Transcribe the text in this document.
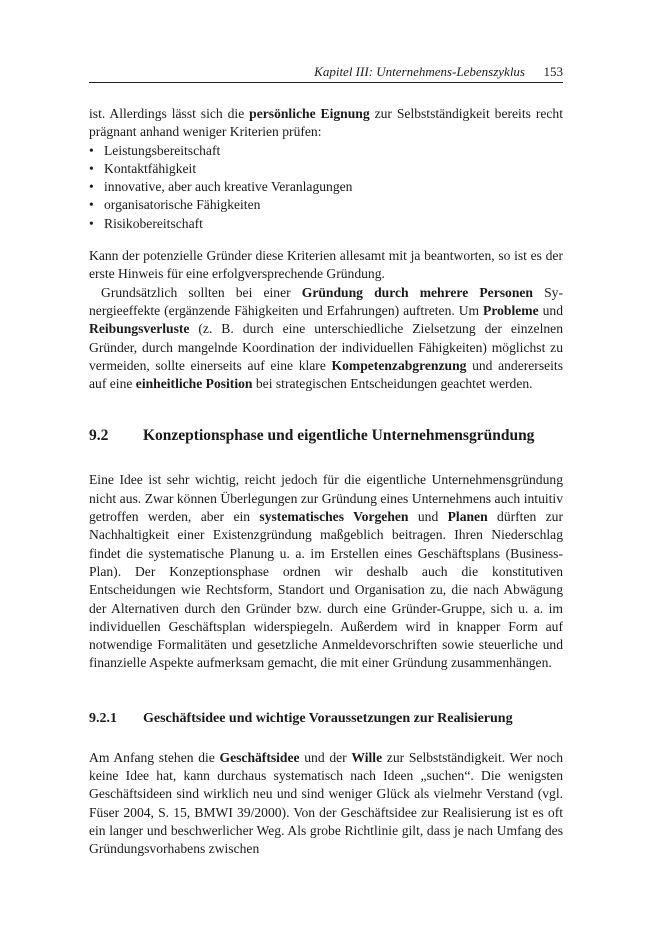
Kapitel III: Unternehmens-Lebenszyklus 153

ist. Allerdings lässt sich die persönliche Eignung zur Selbstständigkeit bereits recht prägnant anhand weniger Kriterien prüfen:

• Leistungsbereitschaft
• Kontaktfähigkeit
• innovative, aber auch kreative Veranlagungen
• organisatorische Fähigkeiten
• Risikobereitschaft

Kann der potenzielle Gründer diese Kriterien allesamt mit ja beantworten, so ist es der erste Hinweis für eine erfolgversprechende Gründung.

Grundsätzlich sollten bei einer Gründung durch mehrere Personen Synergieeffekte (ergänzende Fähigkeiten und Erfahrungen) auftreten. Um Probleme und Reibungsverluste (z. B. durch eine unterschiedliche Zielsetzung der einzelnen Gründer, durch mangelnde Koordination der individuellen Fähigkeiten) möglichst zu vermeiden, sollte einerseits auf eine klare Kompetenzabgrenzung und andererseits auf eine einheitliche Position bei strategischen Entscheidungen geachtet werden.

9.2	Konzeptionsphase und eigentliche Unternehmensgründung

Eine Idee ist sehr wichtig, reicht jedoch für die eigentliche Unternehmensgründung nicht aus. Zwar können Überlegungen zur Gründung eines Unternehmens auch intuitiv getroffen werden, aber ein systematisches Vorgehen und Planen dürften zur Nachhaltigkeit einer Existenzgründung maßgeblich beitragen. Ihren Niederschlag findet die systematische Planung u. a. im Erstellen eines Geschäftsplans (Business-Plan). Der Konzeptionsphase ordnen wir deshalb auch die konstitutiven Entscheidungen wie Rechtsform, Standort und Organisation zu, die nach Abwägung der Alternativen durch den Gründer bzw. durch eine Gründer-Gruppe, sich u. a. im individuellen Geschäftsplan widerspiegeln. Außerdem wird in knapper Form auf notwendige Formalitäten und gesetzliche Anmeldevorschriften sowie steuerliche und finanzielle Aspekte aufmerksam gemacht, die mit einer Gründung zusammenhängen.

9.2.1	Geschäftsidee und wichtige Voraussetzungen zur Realisierung

Am Anfang stehen die Geschäftsidee und der Wille zur Selbstständigkeit. Wer noch keine Idee hat, kann durchaus systematisch nach Ideen „suchen“. Die wenigsten Geschäftsideen sind wirklich neu und sind weniger Glück als vielmehr Verstand (vgl. Füser 2004, S. 15, BMWI 39/2000). Von der Geschäftsidee zur Realisierung ist es oft ein langer und beschwerlicher Weg. Als grobe Richtlinie gilt, dass je nach Umfang des Gründungsvorhabens zwischen
